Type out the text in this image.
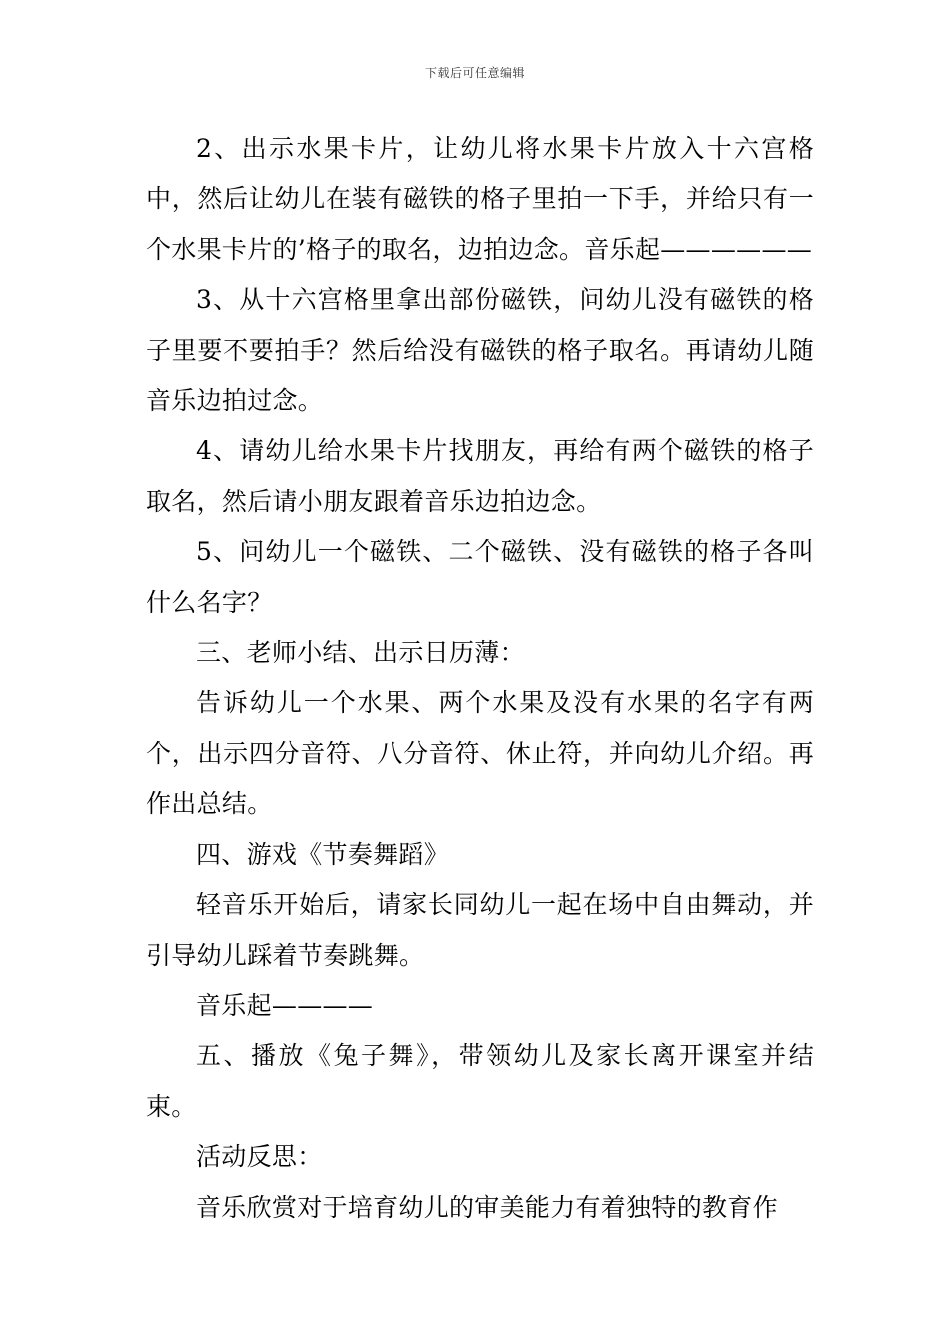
下载后可任意编辑

2、出示水果卡片，让幼儿将水果卡片放入十六宫格中，然后让幼儿在装有磁铁的格子里拍一下手，并给只有一个水果卡片的’格子的取名，边拍边念。音乐起——————

3、从十六宫格里拿出部份磁铁，问幼儿没有磁铁的格子里要不要拍手？然后给没有磁铁的格子取名。再请幼儿随音乐边拍过念。

4、请幼儿给水果卡片找朋友，再给有两个磁铁的格子取名，然后请小朋友跟着音乐边拍边念。

5、问幼儿一个磁铁、二个磁铁、没有磁铁的格子各叫什么名字？

三、老师小结、出示日历薄：

告诉幼儿一个水果、两个水果及没有水果的名字有两个，出示四分音符、八分音符、休止符，并向幼儿介绍。再作出总结。

四、游戏《节奏舞蹈》

轻音乐开始后，请家长同幼儿一起在场中自由舞动，并引导幼儿踩着节奏跳舞。

音乐起————

五、播放《兔子舞》，带领幼儿及家长离开课室并结束。

活动反思：

音乐欣赏对于培育幼儿的审美能力有着独特的教育作
